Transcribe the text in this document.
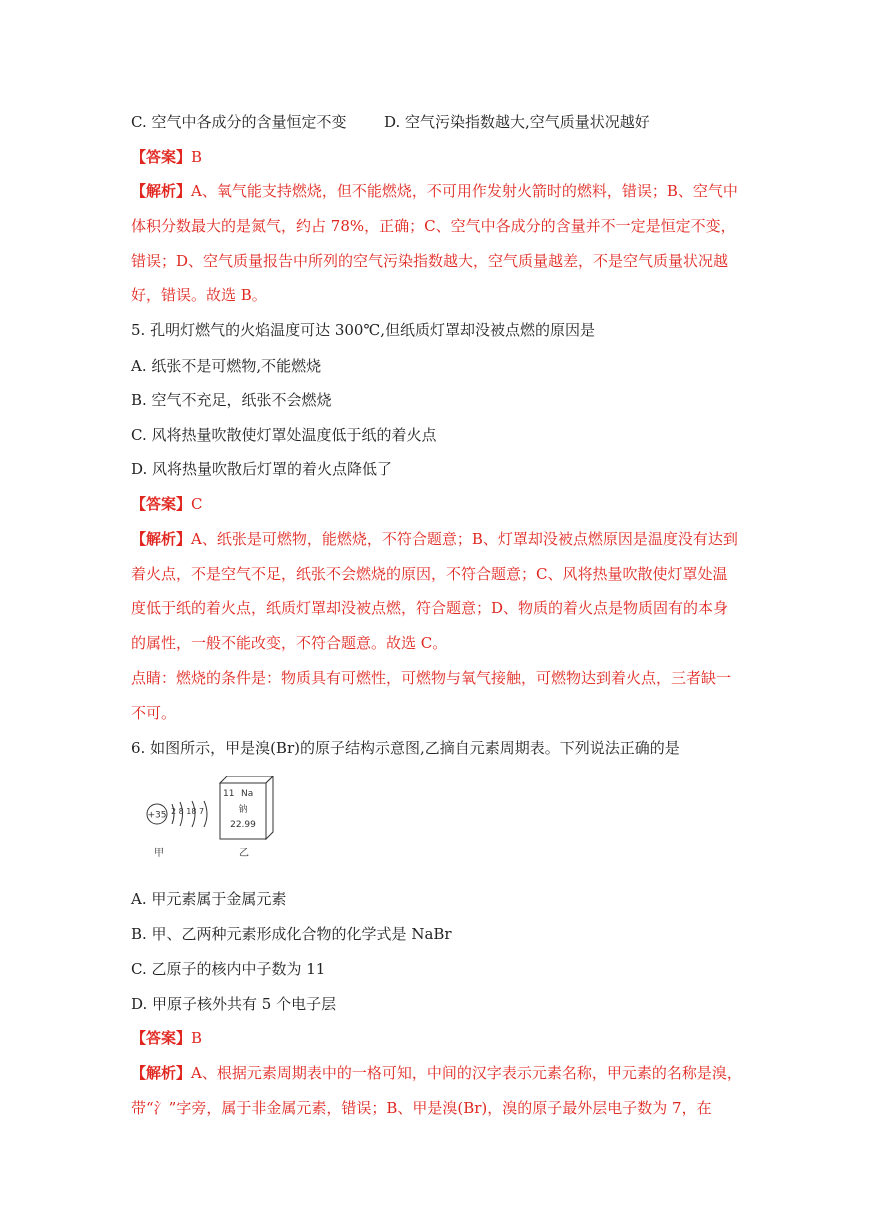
C. 空气中各成分的含量恒定不变	D. 空气污染指数越大,空气质量状况越好
【答案】B
【解析】A、氧气能支持燃烧，但不能燃烧，不可用作发射火箭时的燃料，错误；B、空气中
体积分数最大的是氮气，约占 78%，正确；C、空气中各成分的含量并不一定是恒定不变，
错误；D、空气质量报告中所列的空气污染指数越大，空气质量越差，不是空气质量状况越
好，错误。故选 B。
5. 孔明灯燃气的火焰温度可达 300℃,但纸质灯罩却没被点燃的原因是
A. 纸张不是可燃物,不能燃烧
B. 空气不充足，纸张不会燃烧
C. 风将热量吹散使灯罩处温度低于纸的着火点
D. 风将热量吹散后灯罩的着火点降低了
【答案】C
【解析】A、纸张是可燃物，能燃烧，不符合题意；B、灯罩却没被点燃原因是温度没有达到
着火点，不是空气不足，纸张不会燃烧的原因，不符合题意；C、风将热量吹散使灯罩处温
度低于纸的着火点，纸质灯罩却没被点燃，符合题意；D、物质的着火点是物质固有的本身
的属性，一般不能改变，不符合题意。故选 C。
点睛：燃烧的条件是：物质具有可燃性，可燃物与氧气接触，可燃物达到着火点，三者缺一
不可。
6. 如图所示，甲是溴(Br)的原子结构示意图,乙摘自元素周期表。下列说法正确的是
+35 2 8 18 7
甲
11 Na
钠
22.99
乙
A. 甲元素属于金属元素
B. 甲、乙两种元素形成化合物的化学式是 NaBr
C. 乙原子的核内中子数为 11
D. 甲原子核外共有 5 个电子层
【答案】B
【解析】A、根据元素周期表中的一格可知，中间的汉字表示元素名称，甲元素的名称是溴，
带“氵”字旁，属于非金属元素，错误；B、甲是溴(Br)，溴的原子最外层电子数为 7，在
